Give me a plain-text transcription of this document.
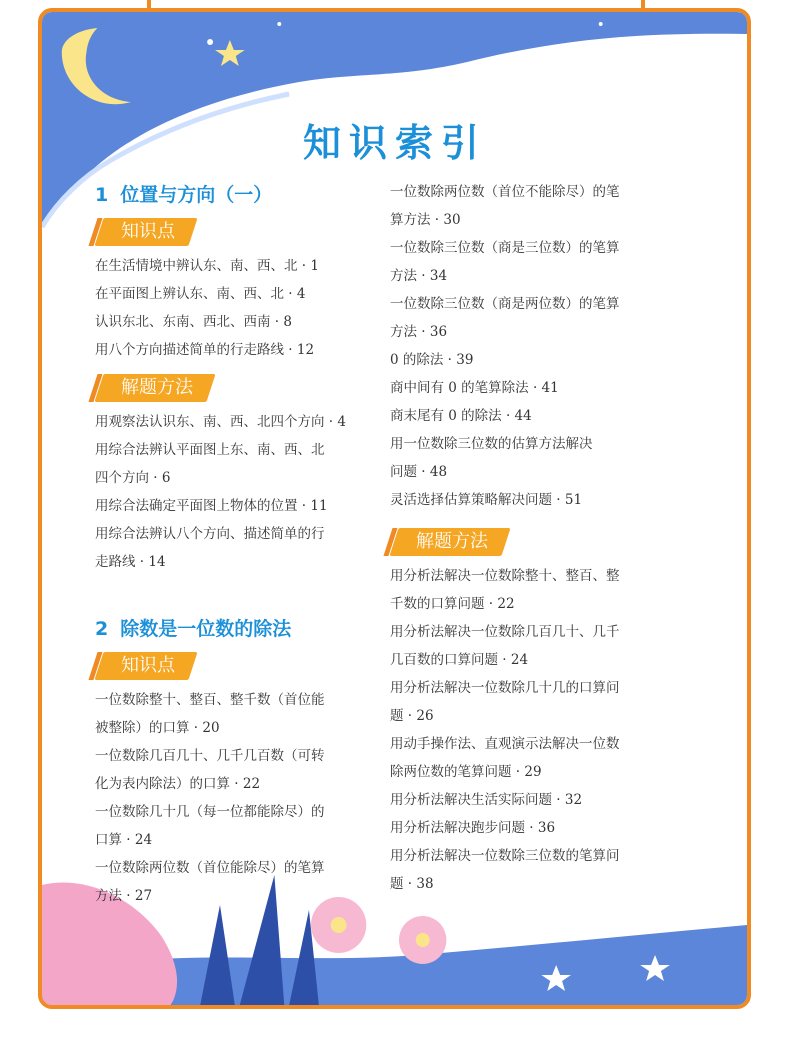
知识索引
1 位置与方向（一）
知识点

在生活情境中辨认东、南、西、北 · 1

在平面图上辨认东、南、西、北 · 4

认识东北、东南、西北、西南 · 8

用八个方向描述简单的行走路线 · 12

解题方法

用观察法认识东、南、西、北四个方向 · 4

用综合法辨认平面图上东、南、西、北

四个方向 · 6

用综合法确定平面图上物体的位置 · 11

用综合法辨认八个方向、描述简单的行

走路线 · 14

2 除数是一位数的除法
知识点

一位数除整十、整百、整千数（首位能

被整除）的口算 · 20

一位数除几百几十、几千几百数（可转

化为表内除法）的口算 · 22

一位数除几十几（每一位都能除尽）的

口算 · 24

一位数除两位数（首位能除尽）的笔算

方法 · 27

一位数除两位数（首位不能除尽）的笔

算方法 · 30

一位数除三位数（商是三位数）的笔算

方法 · 34

一位数除三位数（商是两位数）的笔算

方法 · 36

0 的除法 · 39

商中间有 0 的笔算除法 · 41

商末尾有 0 的除法 · 44

用一位数除三位数的估算方法解决

问题 · 48

灵活选择估算策略解决问题 · 51

解题方法

用分析法解决一位数除整十、整百、整

千数的口算问题 · 22

用分析法解决一位数除几百几十、几千

几百数的口算问题 · 24

用分析法解决一位数除几十几的口算问

题 · 26

用动手操作法、直观演示法解决一位数

除两位数的笔算问题 · 29

用分析法解决生活实际问题 · 32

用分析法解决跑步问题 · 36

用分析法解决一位数除三位数的笔算问

题 · 38
